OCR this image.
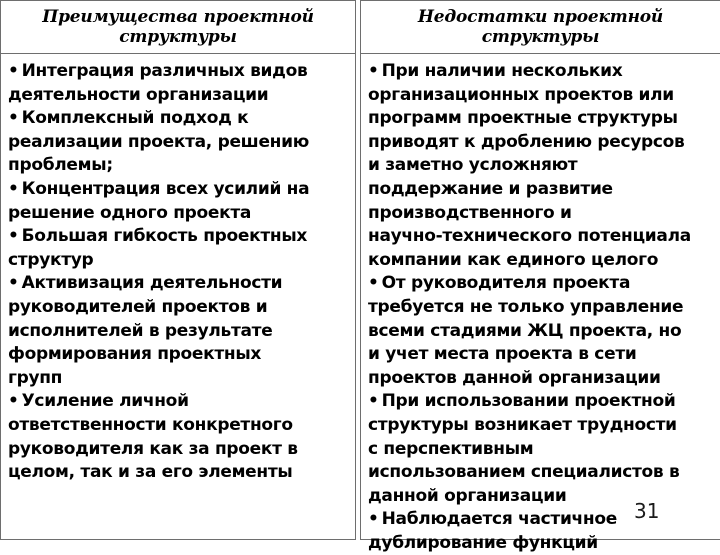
Преимущества проектной
структуры
• Интеграция различных видов
деятельности организации
• Комплексный подход к
реализации проекта, решению
проблемы;
• Концентрация всех усилий на
решение одного проекта
• Большая гибкость проектных
структур
• Активизация деятельности
руководителей проектов и
исполнителей в результате
формирования проектных
групп
• Усиление личной
ответственности конкретного
руководителя как за проект в
целом, так и за его элементы
Недостатки проектной
структуры
• При наличии нескольких
организационных проектов или
программ проектные структуры
приводят к дроблению ресурсов
и заметно усложняют
поддержание и развитие
производственного и
научно-технического потенциала
компании как единого целого
• От руководителя проекта
требуется не только управление
всеми стадиями ЖЦ проекта, но
и учет места проекта в сети
проектов данной организации
• При использовании проектной
структуры возникает трудности
с перспективным
использованием специалистов в
данной организации
• Наблюдается частичное
дублирование функций
31
